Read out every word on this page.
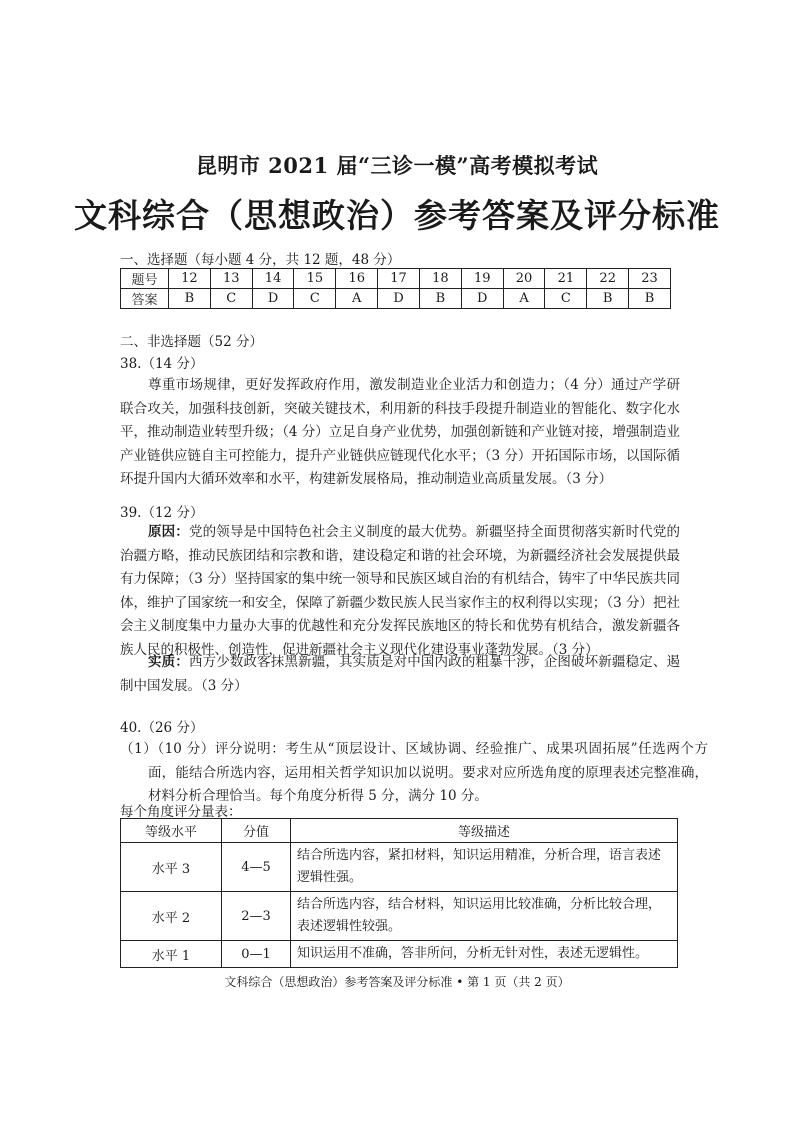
昆明市 2021 届“三诊一模”高考模拟考试
文科综合（思想政治）参考答案及评分标准
一、选择题（每小题 4 分，共 12 题，48 分）
题号	12	13	14	15	16	17	18	19	20	21	22	23
答案	B	C	D	C	A	D	B	D	A	C	B	B
二、非选择题（52 分）
38.（14 分）

尊重市场规律，更好发挥政府作用，激发制造业企业活力和创造力；（4 分）通过产学研联合攻关，加强科技创新，突破关键技术，利用新的科技手段提升制造业的智能化、数字化水平，推动制造业转型升级；（4 分）立足自身产业优势，加强创新链和产业链对接，增强制造业产业链供应链自主可控能力，提升产业链供应链现代化水平；（3 分）开拓国际市场，以国际循环提升国内大循环效率和水平，构建新发展格局，推动制造业高质量发展。（3 分）

39.（12 分）

原因：党的领导是中国特色社会主义制度的最大优势。新疆坚持全面贯彻落实新时代党的治疆方略，推动民族团结和宗教和谐，建设稳定和谐的社会环境，为新疆经济社会发展提供最有力保障；（3 分）坚持国家的集中统一领导和民族区域自治的有机结合，铸牢了中华民族共同体，维护了国家统一和安全，保障了新疆少数民族人民当家作主的权利得以实现；（3 分）把社会主义制度集中力量办大事的优越性和充分发挥民族地区的特长和优势有机结合，激发新疆各族人民的积极性、创造性，促进新疆社会主义现代化建设事业蓬勃发展。（3 分）

实质：西方少数政客抹黑新疆，其实质是对中国内政的粗暴干涉，企图破坏新疆稳定、遏制中国发展。（3 分）

40.（26 分）

（1）（10 分）评分说明：考生从“顶层设计、区域协调、经验推广、成果巩固拓展”任选两个方面，能结合所选内容，运用相关哲学知识加以说明。要求对应所选角度的原理表述完整准确，材料分析合理恰当。每个角度分析得 5 分，满分 10 分。

每个角度评分量表：
等级水平	分值	等级描述
水平 3	4—5	结合所选内容，紧扣材料，知识运用精准，分析合理，语言表述逻辑性强。
水平 2	2—3	结合所选内容，结合材料，知识运用比较准确，分析比较合理，表述逻辑性较强。
水平 1	0—1	知识运用不准确，答非所问，分析无针对性，表述无逻辑性。
文科综合（思想政治）参考答案及评分标准 • 第 1 页（共 2 页）
